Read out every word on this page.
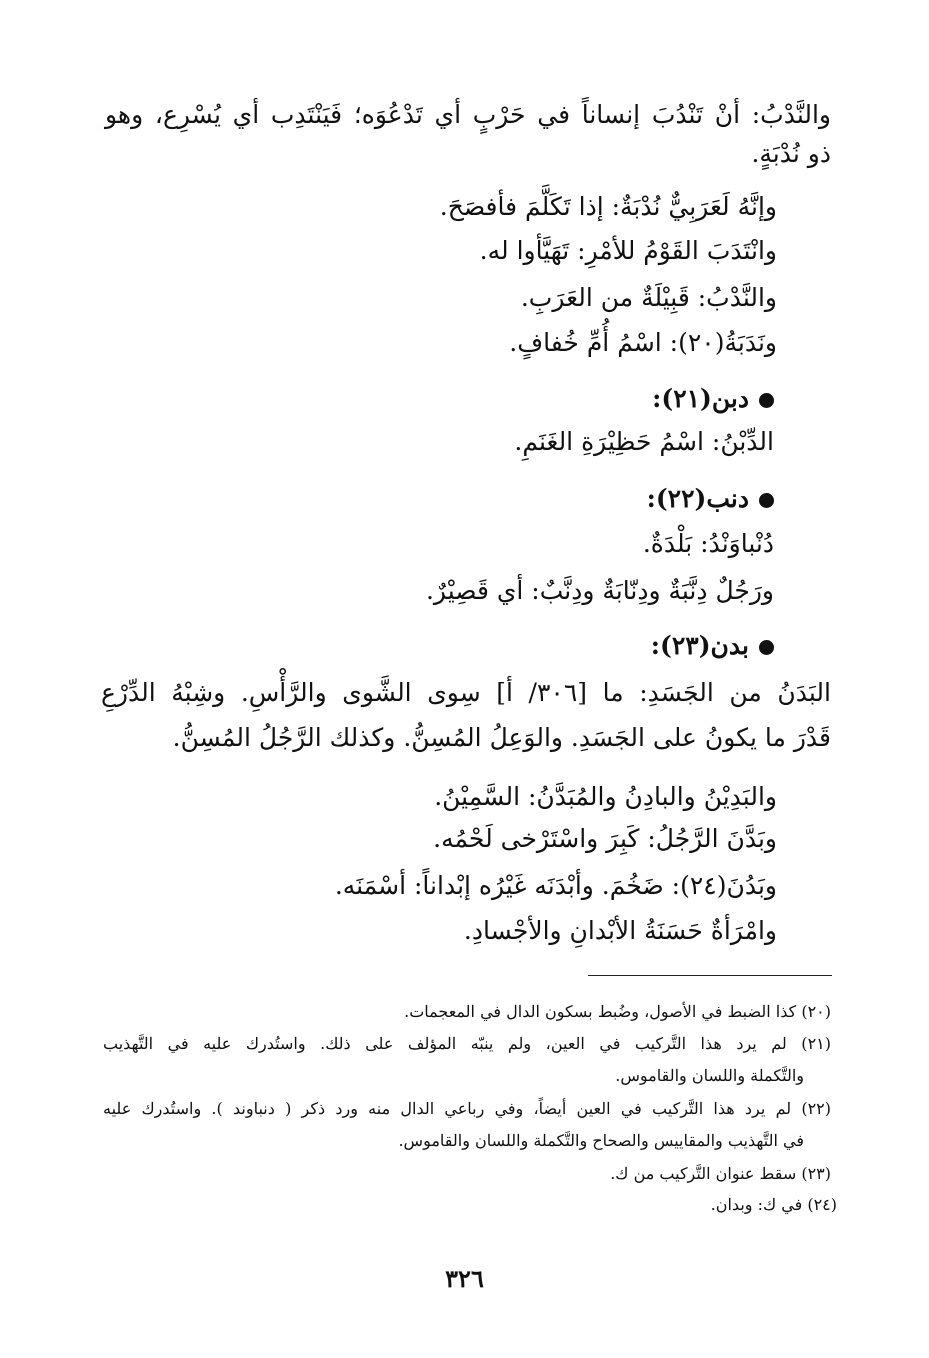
والنَّدْبُ: أنْ تَنْدُبَ إنساناً في حَرْبٍ أي تَدْعُوَه؛ فَيَنْتَدِب أي يُسْرِع، وهو
ذو نُدْبَةٍ.
وإنَّهُ لَعَرَبِيٌّ نُدْبَةٌ: إذا تَكَلَّمَ فأفصَحَ.
وانْتَدَبَ القَوْمُ للأمْرِ: تَهَيَّأوا له.
والنَّدْبُ: قَبِيْلَةٌ من العَرَبِ.
ونَدَبَةُ(٢٠): اسْمُ أُمِّ خُفافٍ.
دبن(٢١):
الدِّبْنُ: اسْمُ حَظِيْرَةِ الغَنَمِ.
دنب(٢٢):
دُنْباوَنْدُ: بَلْدَةٌ.
ورَجُلٌ دِنَّبَةٌ ودِنّابَةٌ ودِنَّبٌ: أي قَصِيْرٌ.
بدن(٢٣):
البَدَنُ من الجَسَدِ: ما [٣٠٦/ أ] سِوى الشَّوى والرَّأْسِ. وشِبْهُ الدِّرْعِ
قَدْرَ ما يكونُ على الجَسَدِ. والوَعِلُ المُسِنُّ. وكذلك الرَّجُلُ المُسِنُّ.
والبَدِيْنُ والبادِنُ والمُبَدَّنُ: السَّمِيْنُ.
وبَدَّنَ الرَّجُلُ: كَبِرَ واسْتَرْخى لَحْمُه.
وبَدُنَ(٢٤): ضَخُمَ. وأبْدَنَه غَيْرُه إبْداناً: أسْمَنَه.
وامْرَأةٌ حَسَنَةُ الأبْدانِ والأجْسادِ.
(٢٠) كذا الضبط في الأصول، وضُبط بسكون الدال في المعجمات.
(٢١) لم يرد هذا التَّركيب في العين، ولم ينبّه المؤلف على ذلك. واستُدرك عليه في التَّهذيب
والتَّكملة واللسان والقاموس.
(٢٢) لم يرد هذا التَّركيب في العين أيضاً، وفي رباعي الدال منه ورد ذكر ( دنباوند ). واستُدرك عليه
في التَّهذيب والمقاييس والصحاح والتَّكملة واللسان والقاموس.
(٢٣) سقط عنوان التَّركيب من ك.
(٢٤) في ك: وبدان.
٣٢٦
